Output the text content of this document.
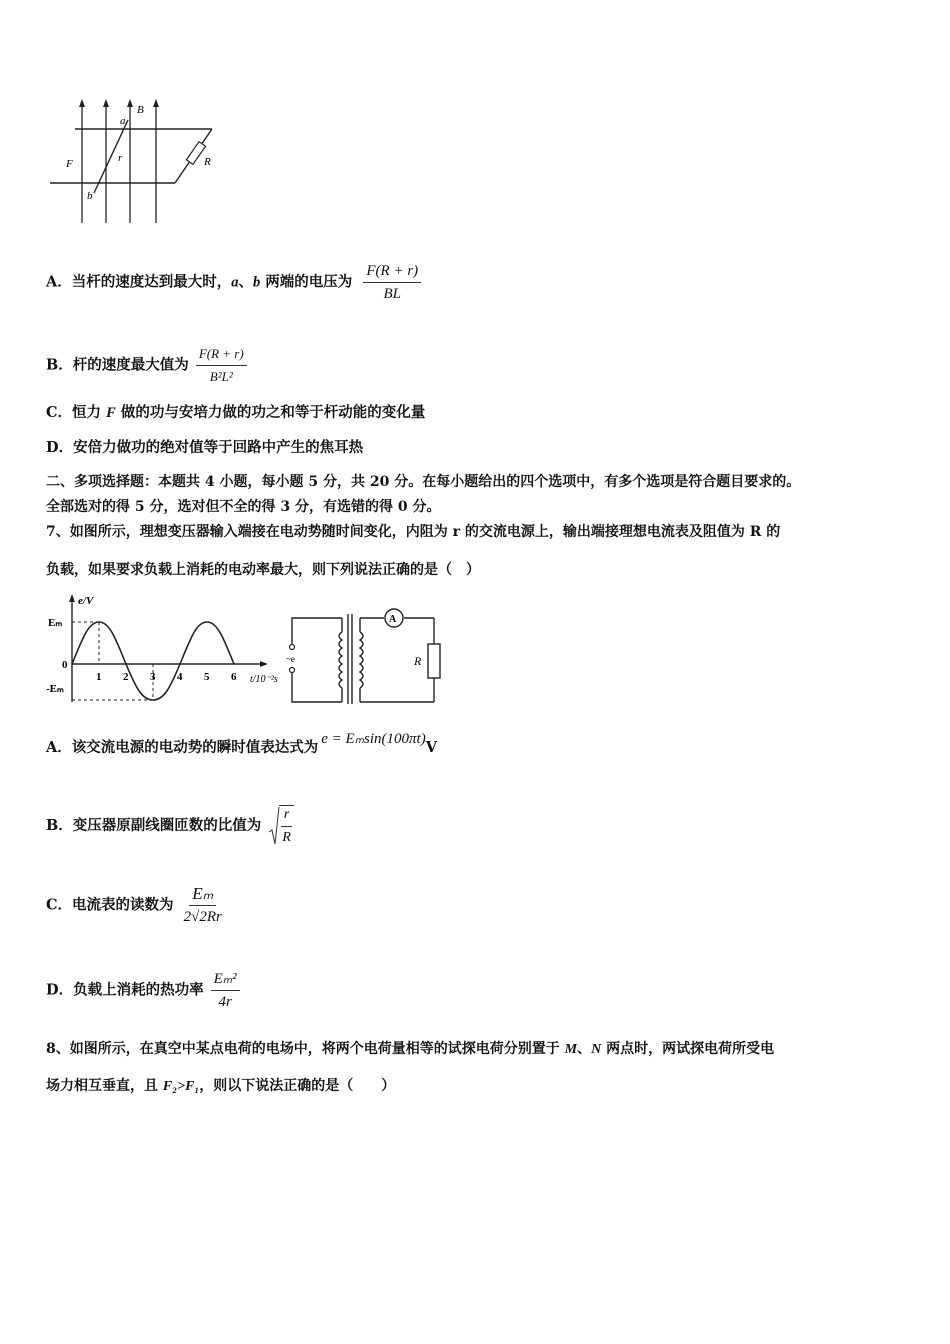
B
a
F	r	R
b
A．当杆的速度达到最大时，a、b 两端的电压为 $\frac{F(R + r)}{BL}$
B．杆的速度最大值为 $\frac{F(R + r)}{\text{B²L²}}$
C．恒力 F 做的功与安培力做的功之和等于杆动能的变化量
D．安倍力做功的绝对值等于回路中产生的焦耳热
二、多项选择题：本题共 4 小题，每小题 5 分，共 20 分。在每小题给出的四个选项中，有多个选项是符合题目要求的。
全部选对的得 5 分，选对但不全的得 3 分，有选错的得 0 分。
7、如图所示，理想变压器输入端接在电动势随时间变化，内阻为 r 的交流电源上，输出端接理想电流表及阻值为 R 的
负载，如果要求负载上消耗的电动率最大，则下列说法正确的是（　）
e/V
Eₘ
0
-Eₘ
1 2 3 4 5 6 t/10⁻²s
~e
A
R
A．该交流电源的电动势的瞬时值表达式为 e = Eₘsin(100πt)V
B．变压器原副线圈匝数的比值为 $\frac{r}{R}$
C．电流表的读数为 $\frac{\text{Eₘ}}{2√2Rr}$
D．负载上消耗的热功率 $\frac{\text{Eₘ²}}{4r}$
8、如图所示，在真空中某点电荷的电场中，将两个电荷量相等的试探电荷分别置于 M、N 两点时，两试探电荷所受电
场力相互垂直，且 F₂>F₁，则以下说法正确的是（　　）
